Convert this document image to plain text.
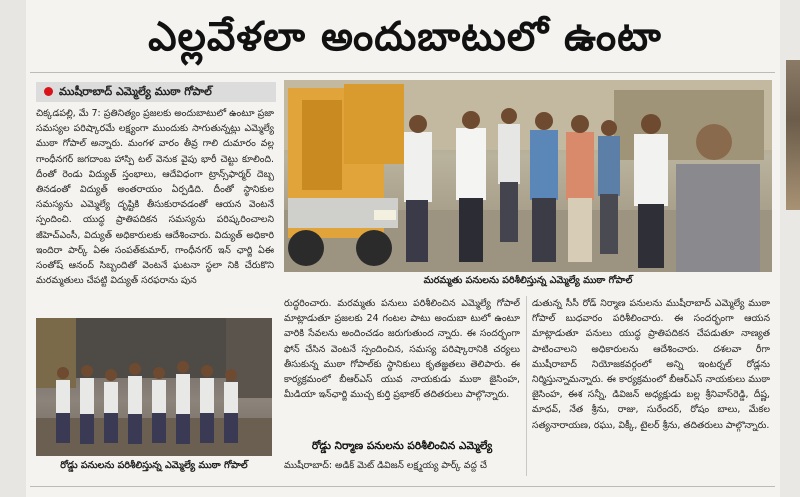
ఎల్లవేళలా అందుబాటులో ఉంటా
ముషీరాబాద్ ఎమ్మెల్యే ముఠా గోపాల్

చిక్కడపల్లి, మే 7: ప్రతినిత్యం ప్రజలకు అందుబాటులో ఉంటూ ప్రజా సమస్యల పరిష్కారమే లక్ష్యంగా ముందుకు సాగుతున్నట్లు ఎమ్మెల్యే ముఠా గోపాల్ అన్నారు. మంగళ వారం తీవ్ర గాలి దుమారం వల్ల గాంధీనగర్ జగదాంబ హాస్పి టల్ వెనుక వైపు భారీ చెట్టు కూలింది. దీంతో రెండు విద్యుత్ స్తంభాలు, ఆదేవిధంగా ట్రాన్స్‌ఫార్మర్ దెబ్బ తినడంతో విద్యుత్ అంతరాయం ఏర్పడిది. దీంతో స్థానికుల సమస్యను ఎమ్మెల్యే దృష్టికి తీసుకురావడంతో ఆయన వెంటనే స్పందించి. యుద్ధ ప్రాతిపదికన సమస్యను పరిష్కరించాలని జీహెచ్ఎంసీ, విద్యుత్ అధికారులకు ఆదేశించారు. విద్యుత్ అధికారి ఇందిరా పార్క్ ఏఈ సంపత్‌కుమార్, గాంధీనగర్ ఇన్ ఛార్జి ఏఈ సంతోష్ ఆనంద్ సిబ్బందితో వెంటనే ఘటనా స్థలా నికి చేరుకొని మరమ్మతులు చేపట్టి విద్యుత్ సరఫరాను పున

రోడ్డు పనులను పరిశీలిస్తున్న ఎమ్మెల్యే ముఠా గోపాల్
మరమ్మతు పనులను పరిశీలిస్తున్న ఎమ్మెల్యే ముఠా గోపాల్

రుద్ధరించారు. మరమ్మతు పనులు పరిశీలించిన ఎమ్మెల్యే గోపాల్ మాట్లాడుతూ ప్రజలకు 24 గంటల పాటు అందుబా టులో ఉంటూ వారికి సేవలను అందించడం జరుగుతుంద న్నారు. ఈ సందర్భంగా ఫోన్ చేసిన వెంటనే స్పందించిన, సమస్య పరిష్కారానికి చర్యలు తీసుకున్న ముఠా గోపాల్‌కు స్థానికులు కృతజ్ఞతలు తెలిపారు. ఈ కార్యక్రమంలో బీఆర్ఎస్ యువ నాయకుడు ముఠా జైసింహ, మీడియా ఇన్‌ఛార్జి ముచ్చ కుర్తి ప్రభాకర్ తదితరులు పాల్గొన్నారు.

రోడ్డు నిర్మాణ పనులను పరిశీలించిన ఎమ్మెల్యే

ముషీరాబాద్: అడిక్ మెట్ డివిజన్ లక్ష్మయ్య పార్క్ వద్ద చే

డుతున్న సీసీ రోడ్ నిర్మాణ పనులను ముషీరాబాద్ ఎమ్మెల్యే ముఠా గోపాల్ బుధవారం పరిశీలించారు. ఈ సందర్భంగా ఆయన మాట్లాడుతూ పనులు యుద్ధ ప్రాతిపదికన చేపడుతూ నాణ్యత పాటించాలని అధికారులను ఆదేశించారు. దశలవా రీగా ముషీరాబాద్ నియోజకవర్గంలో అన్ని ఇంటర్నల్ రోడ్లను నిర్మిస్తున్నామన్నారు. ఈ కార్యక్రమంలో బీఆర్ఎస్ నాయకులు ముఠా జైసింహ, ఈశ సన్నీ, డివిజన్ అధ్యక్షుడు బల్ల శ్రీనివాస్‌రెడ్డి, దీష్ణ, మాధవ్, నేత శ్రీను, రాజు, సురేందర్, రోషం బాలు, మేకల సత్యనారాయణ, రఘు, విక్కీ, టైలర్ శ్రీను, తదితరులు పాల్గొన్నారు.
